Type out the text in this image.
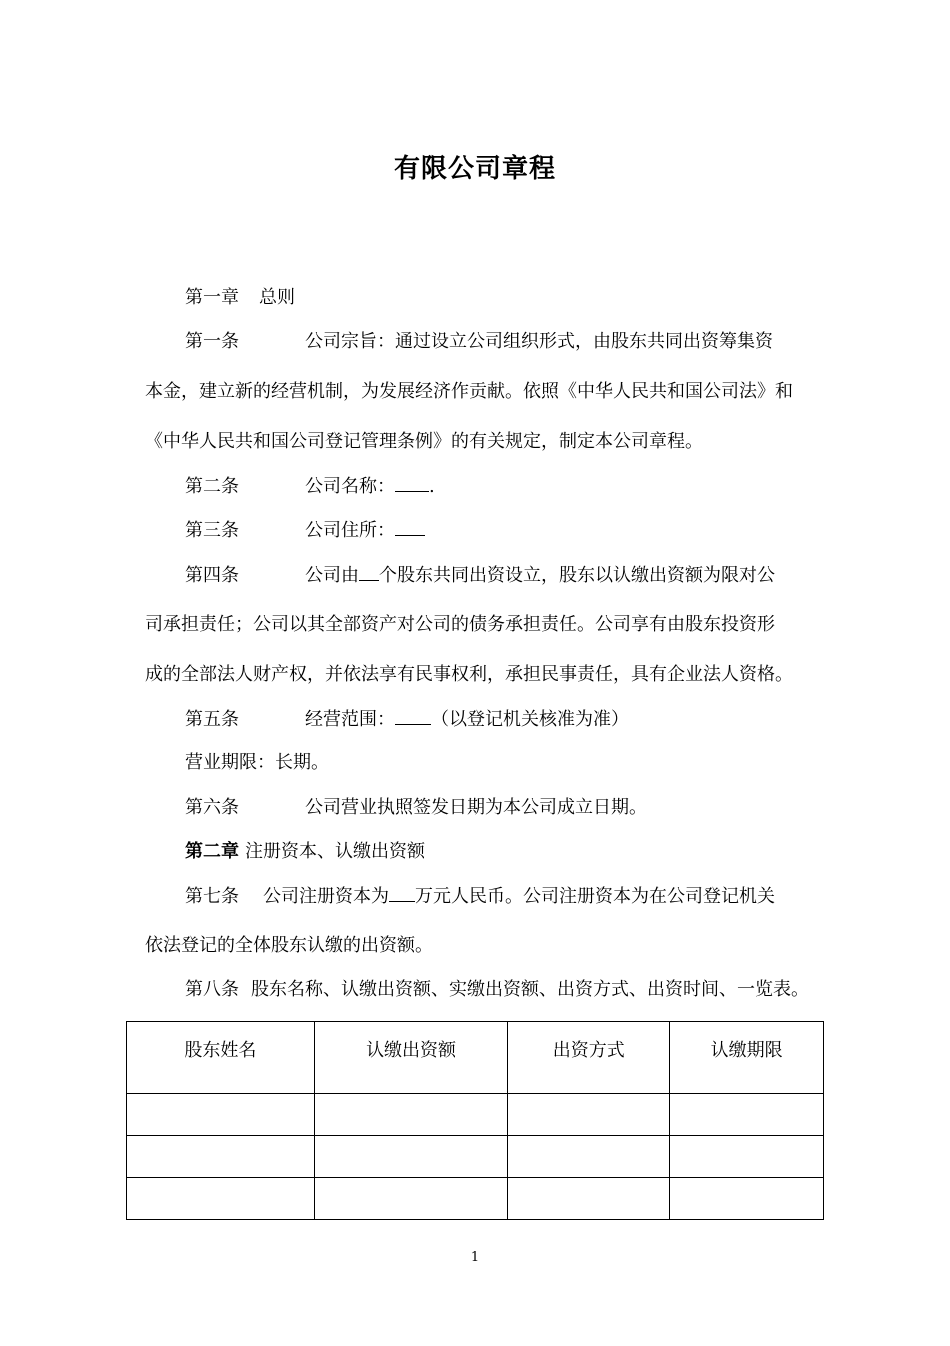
有限公司章程
第一章 总则
第一条	公司宗旨：通过设立公司组织形式，由股东共同出资筹集资
本金，建立新的经营机制，为发展经济作贡献。依照《中华人民共和国公司法》和
《中华人民共和国公司登记管理条例》的有关规定，制定本公司章程。
第二条	公司名称： .
第三条	公司住所：
第四条	公司由 个股东共同出资设立，股东以认缴出资额为限对公
司承担责任；公司以其全部资产对公司的债务承担责任。公司享有由股东投资形
成的全部法人财产权，并依法享有民事权利，承担民事责任，具有企业法人资格。
第五条	经营范围： （以登记机关核准为准）
营业期限：长期。
第六条	公司营业执照签发日期为本公司成立日期。
第二章 注册资本、认缴出资额
第七条 公司注册资本为 万元人民币。公司注册资本为在公司登记机关
依法登记的全体股东认缴的出资额。
第八条 股东名称、认缴出资额、实缴出资额、出资方式、出资时间、一览表。
股东姓名	认缴出资额	出资方式	认缴期限

1
